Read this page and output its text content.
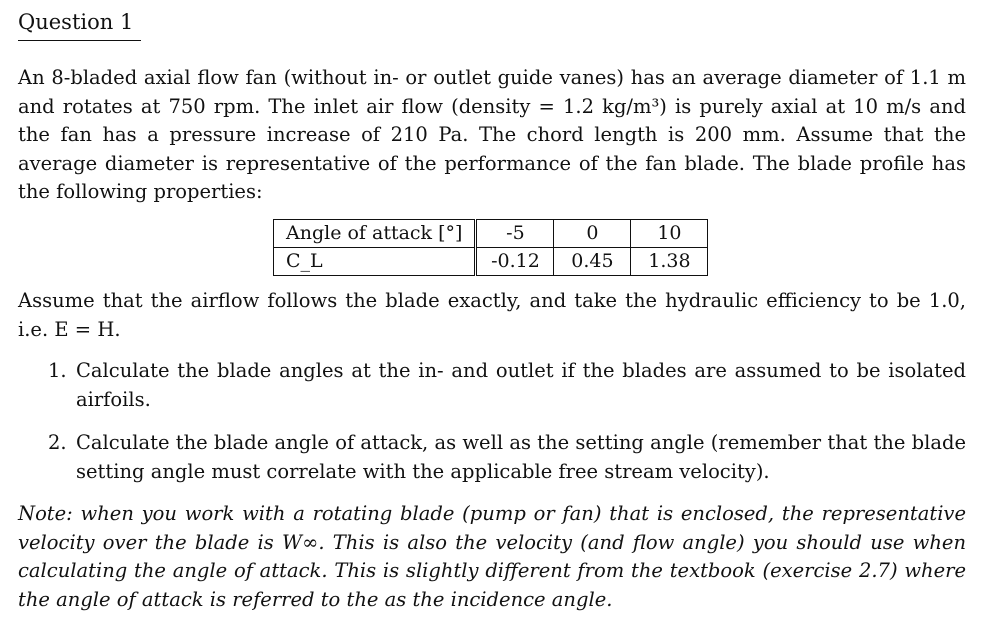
Question 1
An 8-bladed axial flow fan (without in- or outlet guide vanes) has an average diameter of 1.1 m and rotates at 750 rpm. The inlet air flow (density = 1.2 kg/m³) is purely axial at 10 m/s and the fan has a pressure increase of 210 Pa. The chord length is 200 mm. Assume that the average diameter is representative of the performance of the fan blade. The blade profile has the following properties:
Angle of attack [°]	-5	0	10
C_L	-0.12	0.45	1.38
Assume that the airflow follows the blade exactly, and take the hydraulic efficiency to be 1.0, i.e. E = H.
1. Calculate the blade angles at the in- and outlet if the blades are assumed to be isolated airfoils.
2. Calculate the blade angle of attack, as well as the setting angle (remember that the blade setting angle must correlate with the applicable free stream velocity).
Note: when you work with a rotating blade (pump or fan) that is enclosed, the representative velocity over the blade is W∞. This is also the velocity (and flow angle) you should use when calculating the angle of attack. This is slightly different from the textbook (exercise 2.7) where the angle of attack is referred to the as the incidence angle.
